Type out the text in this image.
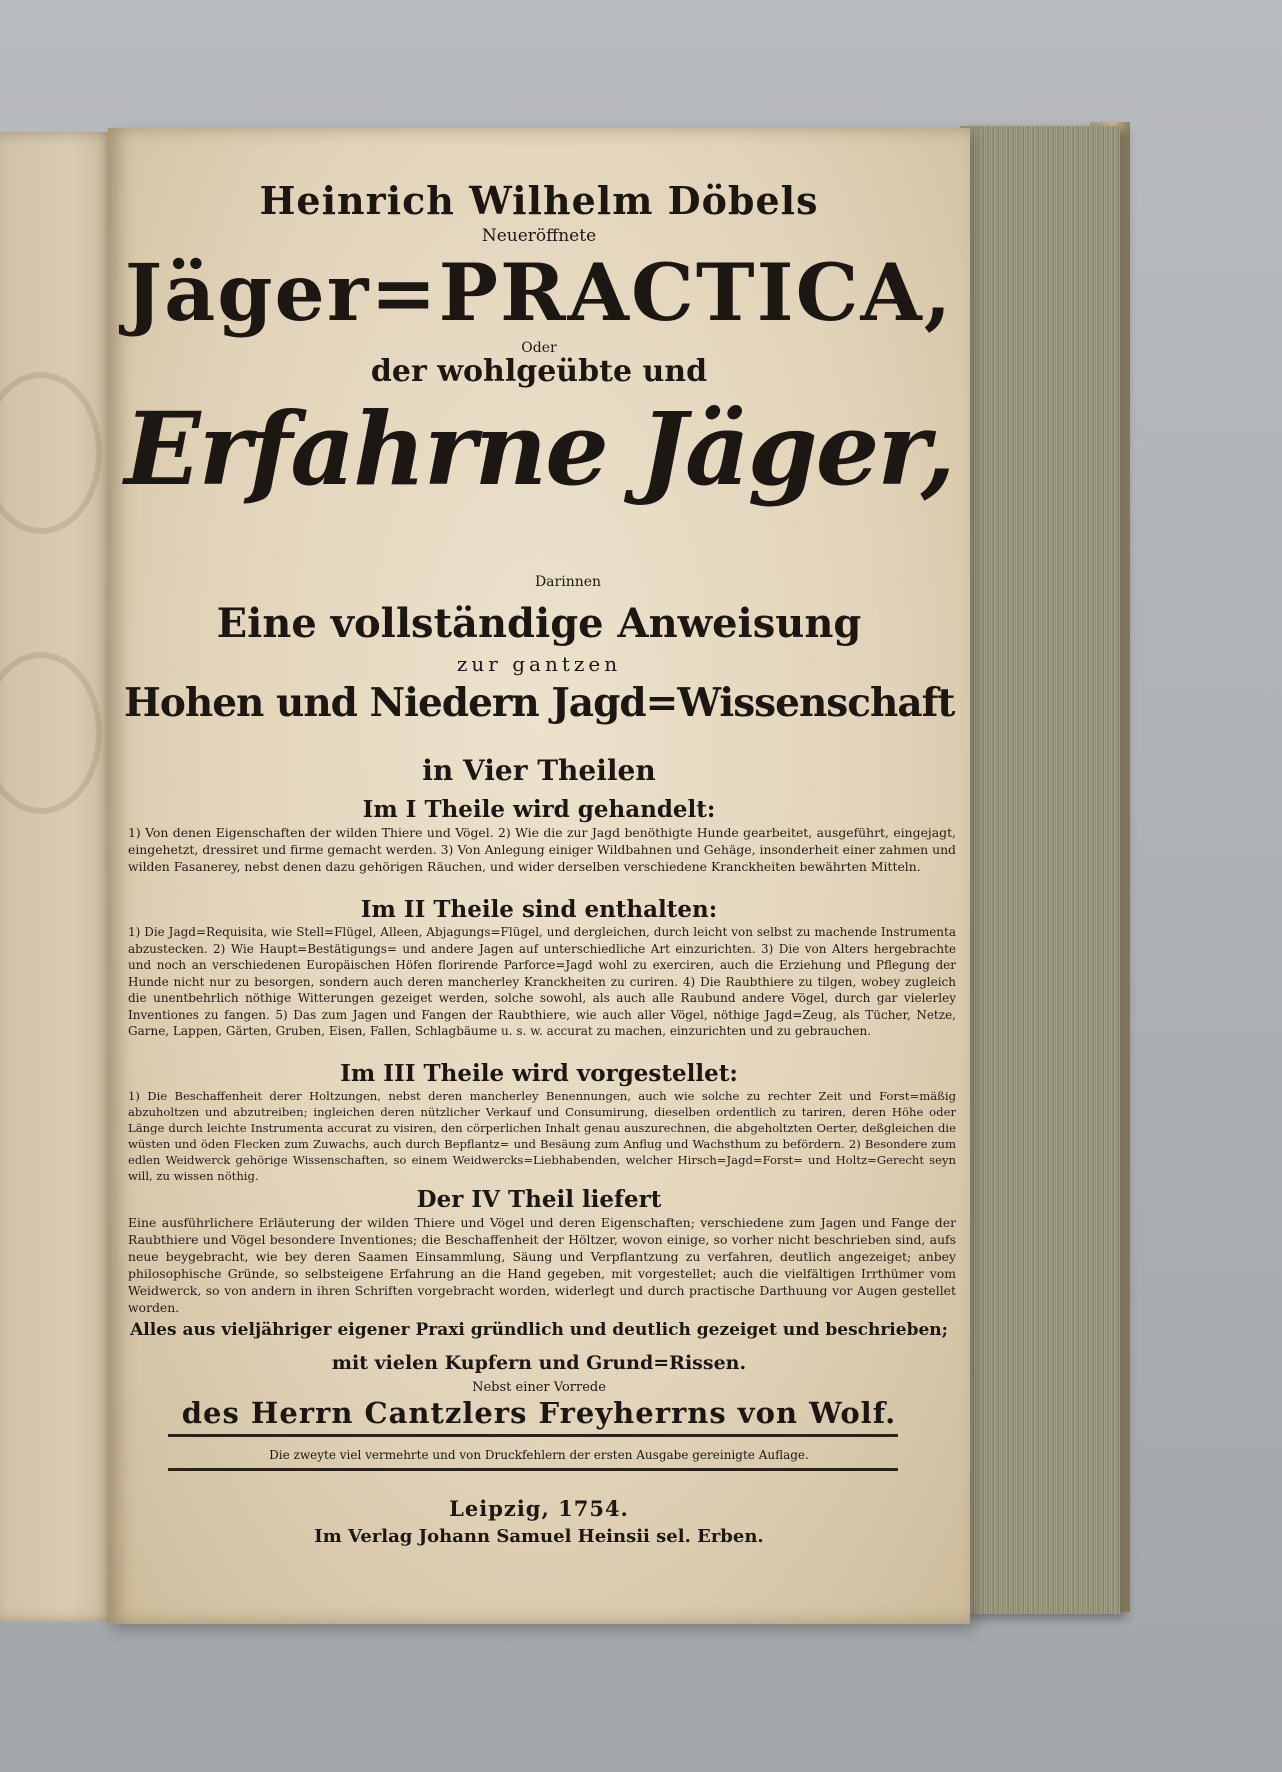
Heinrich Wilhelm Döbels
Neueröffnete
Jäger=PRACTICA,
Oder
der wohlgeübte und
Erfahrne Jäger,
Darinnen
Eine vollständige Anweisung
zur gantzen
Hohen und Niedern Jagd=Wissenschaft
in Vier Theilen
Im I Theile wird gehandelt:
1) Von denen Eigenschaften der wilden Thiere und Vögel. 2) Wie die zur Jagd benöthigte Hunde gearbeitet, ausgeführt, eingejagt, eingehetzt, dressiret und firme gemacht werden. 3) Von Anlegung einiger Wildbahnen und Gehäge, insonderheit einer zahmen und wilden Fasanerey, nebst denen dazu gehörigen Räuchen, und wider derselben verschiedene Kranckheiten bewährten Mitteln.
Im II Theile sind enthalten:
1) Die Jagd=Requisita, wie Stell=Flügel, Alleen, Abjagungs=Flügel, und dergleichen, durch leicht von selbst zu machende Instrumenta abzustecken. 2) Wie Haupt=Bestätigungs= und andere Jagen auf unterschiedliche Art einzurichten. 3) Die von Alters hergebrachte und noch an verschiedenen Europäischen Höfen florirende Parforce=Jagd wohl zu exerciren, auch die Erziehung und Pflegung der Hunde nicht nur zu besorgen, sondern auch deren mancherley Kranckheiten zu curiren. 4) Die Raubthiere zu tilgen, wobey zugleich die unentbehrlich nöthige Witterungen gezeiget werden, solche sowohl, als auch alle Raubund andere Vögel, durch gar vielerley Inventiones zu fangen. 5) Das zum Jagen und Fangen der Raubthiere, wie auch aller Vögel, nöthige Jagd=Zeug, als Tücher, Netze, Garne, Lappen, Gärten, Gruben, Eisen, Fallen, Schlagbäume u. s. w. accurat zu machen, einzurichten und zu gebrauchen.
Im III Theile wird vorgestellet:
1) Die Beschaffenheit derer Holtzungen, nebst deren mancherley Benennungen, auch wie solche zu rechter Zeit und Forst=mäßig abzuholtzen und abzutreiben; ingleichen deren nützlicher Verkauf und Consumirung, dieselben ordentlich zu tariren, deren Höhe oder Länge durch leichte Instrumenta accurat zu visiren, den cörperlichen Inhalt genau auszurechnen, die abgeholtzten Oerter, deßgleichen die wüsten und öden Flecken zum Zuwachs, auch durch Bepflantz= und Besäung zum Anflug und Wachsthum zu befördern. 2) Besondere zum edlen Weidwerck gehörige Wissenschaften, so einem Weidwercks=Liebhabenden, welcher Hirsch=Jagd=Forst= und Holtz=Gerecht seyn will, zu wissen nöthig.
Der IV Theil liefert
Eine ausführlichere Erläuterung der wilden Thiere und Vögel und deren Eigenschaften; verschiedene zum Jagen und Fange der Raubthiere und Vögel besondere Inventiones; die Beschaffenheit der Höltzer, wovon einige, so vorher nicht beschrieben sind, aufs neue beygebracht, wie bey deren Saamen Einsammlung, Säung und Verpflantzung zu verfahren, deutlich angezeiget; anbey philosophische Gründe, so selbsteigene Erfahrung an die Hand gegeben, mit vorgestellet; auch die vielfältigen Irrthümer vom Weidwerck, so von andern in ihren Schriften vorgebracht worden, widerlegt und durch practische Darthuung vor Augen gestellet worden.
Alles aus vieljähriger eigener Praxi gründlich und deutlich gezeiget und beschrieben;
mit vielen Kupfern und Grund=Rissen.
Nebst einer Vorrede
des Herrn Cantzlers Freyherrns von Wolf.
Die zweyte viel vermehrte und von Druckfehlern der ersten Ausgabe gereinigte Auflage.
Leipzig, 1754.
Im Verlag Johann Samuel Heinsii sel. Erben.
